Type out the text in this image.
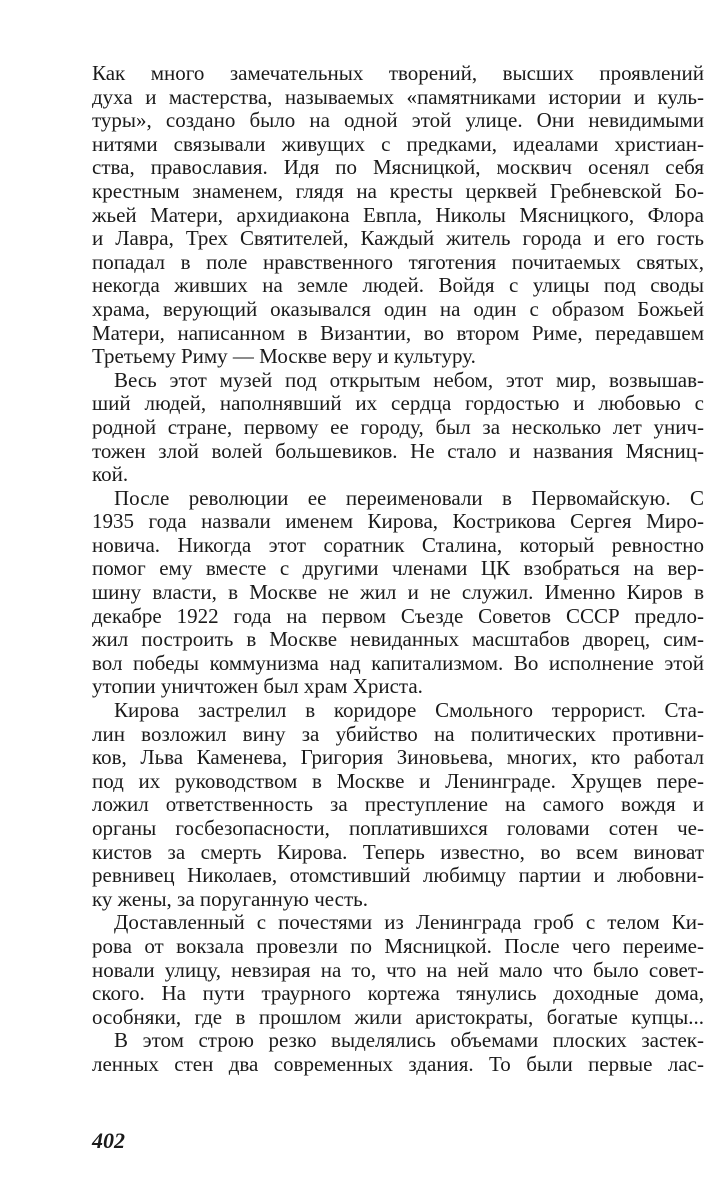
Как много замечательных творений, высших проявлений
духа и мастерства, называемых «памятниками истории и куль-
туры», создано было на одной этой улице. Они невидимыми
нитями связывали живущих с предками, идеалами христиан-
ства, православия. Идя по Мясницкой, москвич осенял себя
крестным знаменем, глядя на кресты церквей Гребневской Бо-
жьей Матери, архидиакона Евпла, Николы Мясницкого, Флора
и Лавра, Трех Святителей, Каждый житель города и его гость
попадал в поле нравственного тяготения почитаемых святых,
некогда живших на земле людей. Войдя с улицы под своды
храма, верующий оказывался один на один с образом Божьей
Матери, написанном в Византии, во втором Риме, передавшем
Третьему Риму — Москве веру и культуру.
Весь этот музей под открытым небом, этот мир, возвышав-
ший людей, наполнявший их сердца гордостью и любовью с
родной стране, первому ее городу, был за несколько лет унич-
тожен злой волей большевиков. Не стало и названия Мясниц-
кой.
После революции ее переименовали в Первомайскую. С
1935 года назвали именем Кирова, Кострикова Сергея Миро-
новича. Никогда этот соратник Сталина, который ревностно
помог ему вместе с другими членами ЦК взобраться на вер-
шину власти, в Москве не жил и не служил. Именно Киров в
декабре 1922 года на первом Съезде Советов СССР предло-
жил построить в Москве невиданных масштабов дворец, сим-
вол победы коммунизма над капитализмом. Во исполнение этой
утопии уничтожен был храм Христа.
Кирова застрелил в коридоре Смольного террорист. Ста-
лин возложил вину за убийство на политических противни-
ков, Льва Каменева, Григория Зиновьева, многих, кто работал
под их руководством в Москве и Ленинграде. Хрущев пере-
ложил ответственность за преступление на самого вождя и
органы госбезопасности, поплатившихся головами сотен че-
кистов за смерть Кирова. Теперь известно, во всем виноват
ревнивец Николаев, отомстивший любимцу партии и любовни-
ку жены, за поруганную честь.
Доставленный с почестями из Ленинграда гроб с телом Ки-
рова от вокзала провезли по Мясницкой. После чего переиме-
новали улицу, невзирая на то, что на ней мало что было совет-
ского. На пути траурного кортежа тянулись доходные дома,
особняки, где в прошлом жили аристократы, богатые купцы...
В этом строю резко выделялись объемами плоских застек-
ленных стен два современных здания. То были первые лас-
402
